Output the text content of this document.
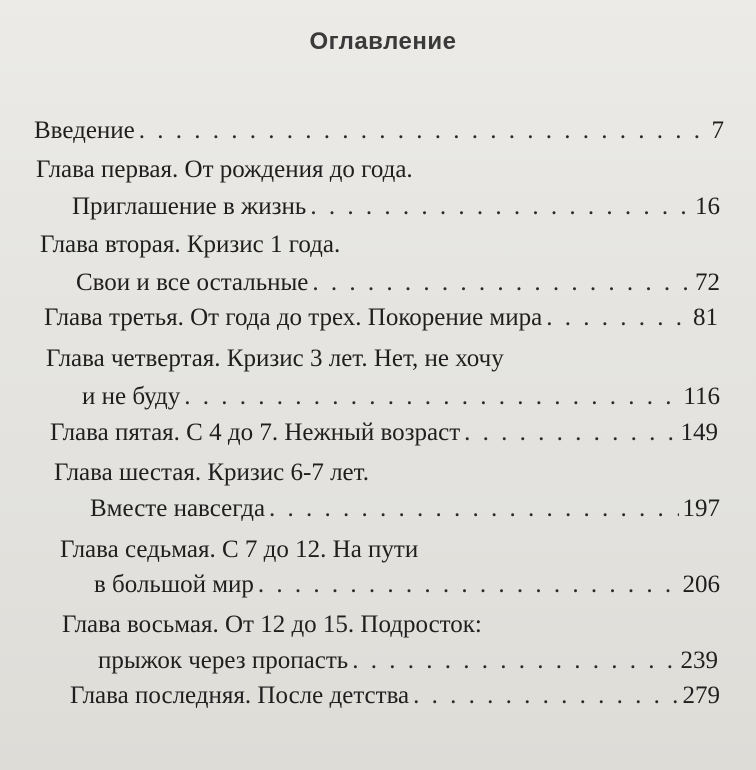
Оглавление
Введение . . .	7
Глава первая. От рождения до года.
Приглашение в жизнь . . .	16
Глава вторая. Кризис 1 года.
Свои и все остальные . . .	72
Глава третья. От года до трех. Покорение мира . . .	81
Глава четвертая. Кризис 3 лет. Нет, не хочу
и не буду . . .	116
Глава пятая. С 4 до 7. Нежный возраст . . .	149
Глава шестая. Кризис 6-7 лет.
Вместе навсегда . . .	197
Глава седьмая. С 7 до 12. На пути
в большой мир . . .	206
Глава восьмая. От 12 до 15. Подросток:
прыжок через пропасть . . .	239
Глава последняя. После детства . . .	279
